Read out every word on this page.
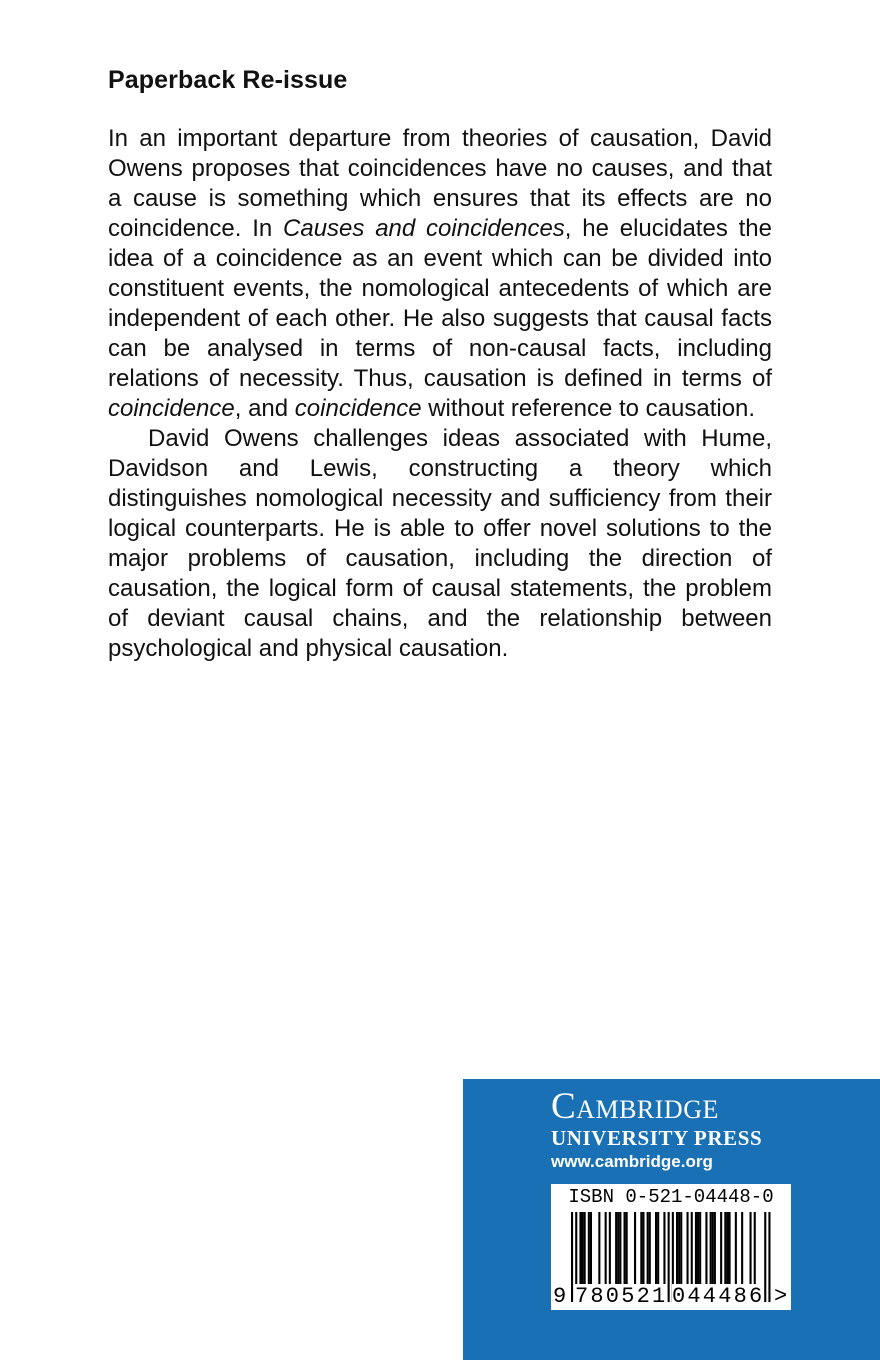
Paperback Re-issue

In an important departure from theories of causation, David Owens proposes that coincidences have no causes, and that a cause is something which ensures that its effects are no coincidence. In Causes and coincidences, he elucidates the idea of a coincidence as an event which can be divided into constituent events, the nomological antecedents of which are independent of each other. He also suggests that causal facts can be analysed in terms of non-causal facts, including relations of necessity. Thus, causation is defined in terms of coincidence, and coincidence without reference to causation.

David Owens challenges ideas associated with Hume, Davidson and Lewis, constructing a theory which distinguishes nomological necessity and sufficiency from their logical counterparts. He is able to offer novel solutions to the major problems of causation, including the direction of causation, the logical form of causal statements, the problem of deviant causal chains, and the relationship between psychological and physical causation.

Cambridge

UNIVERSITY PRESS

www.cambridge.org

ISBN 0-521-04448-0
9 780521 044486 >
